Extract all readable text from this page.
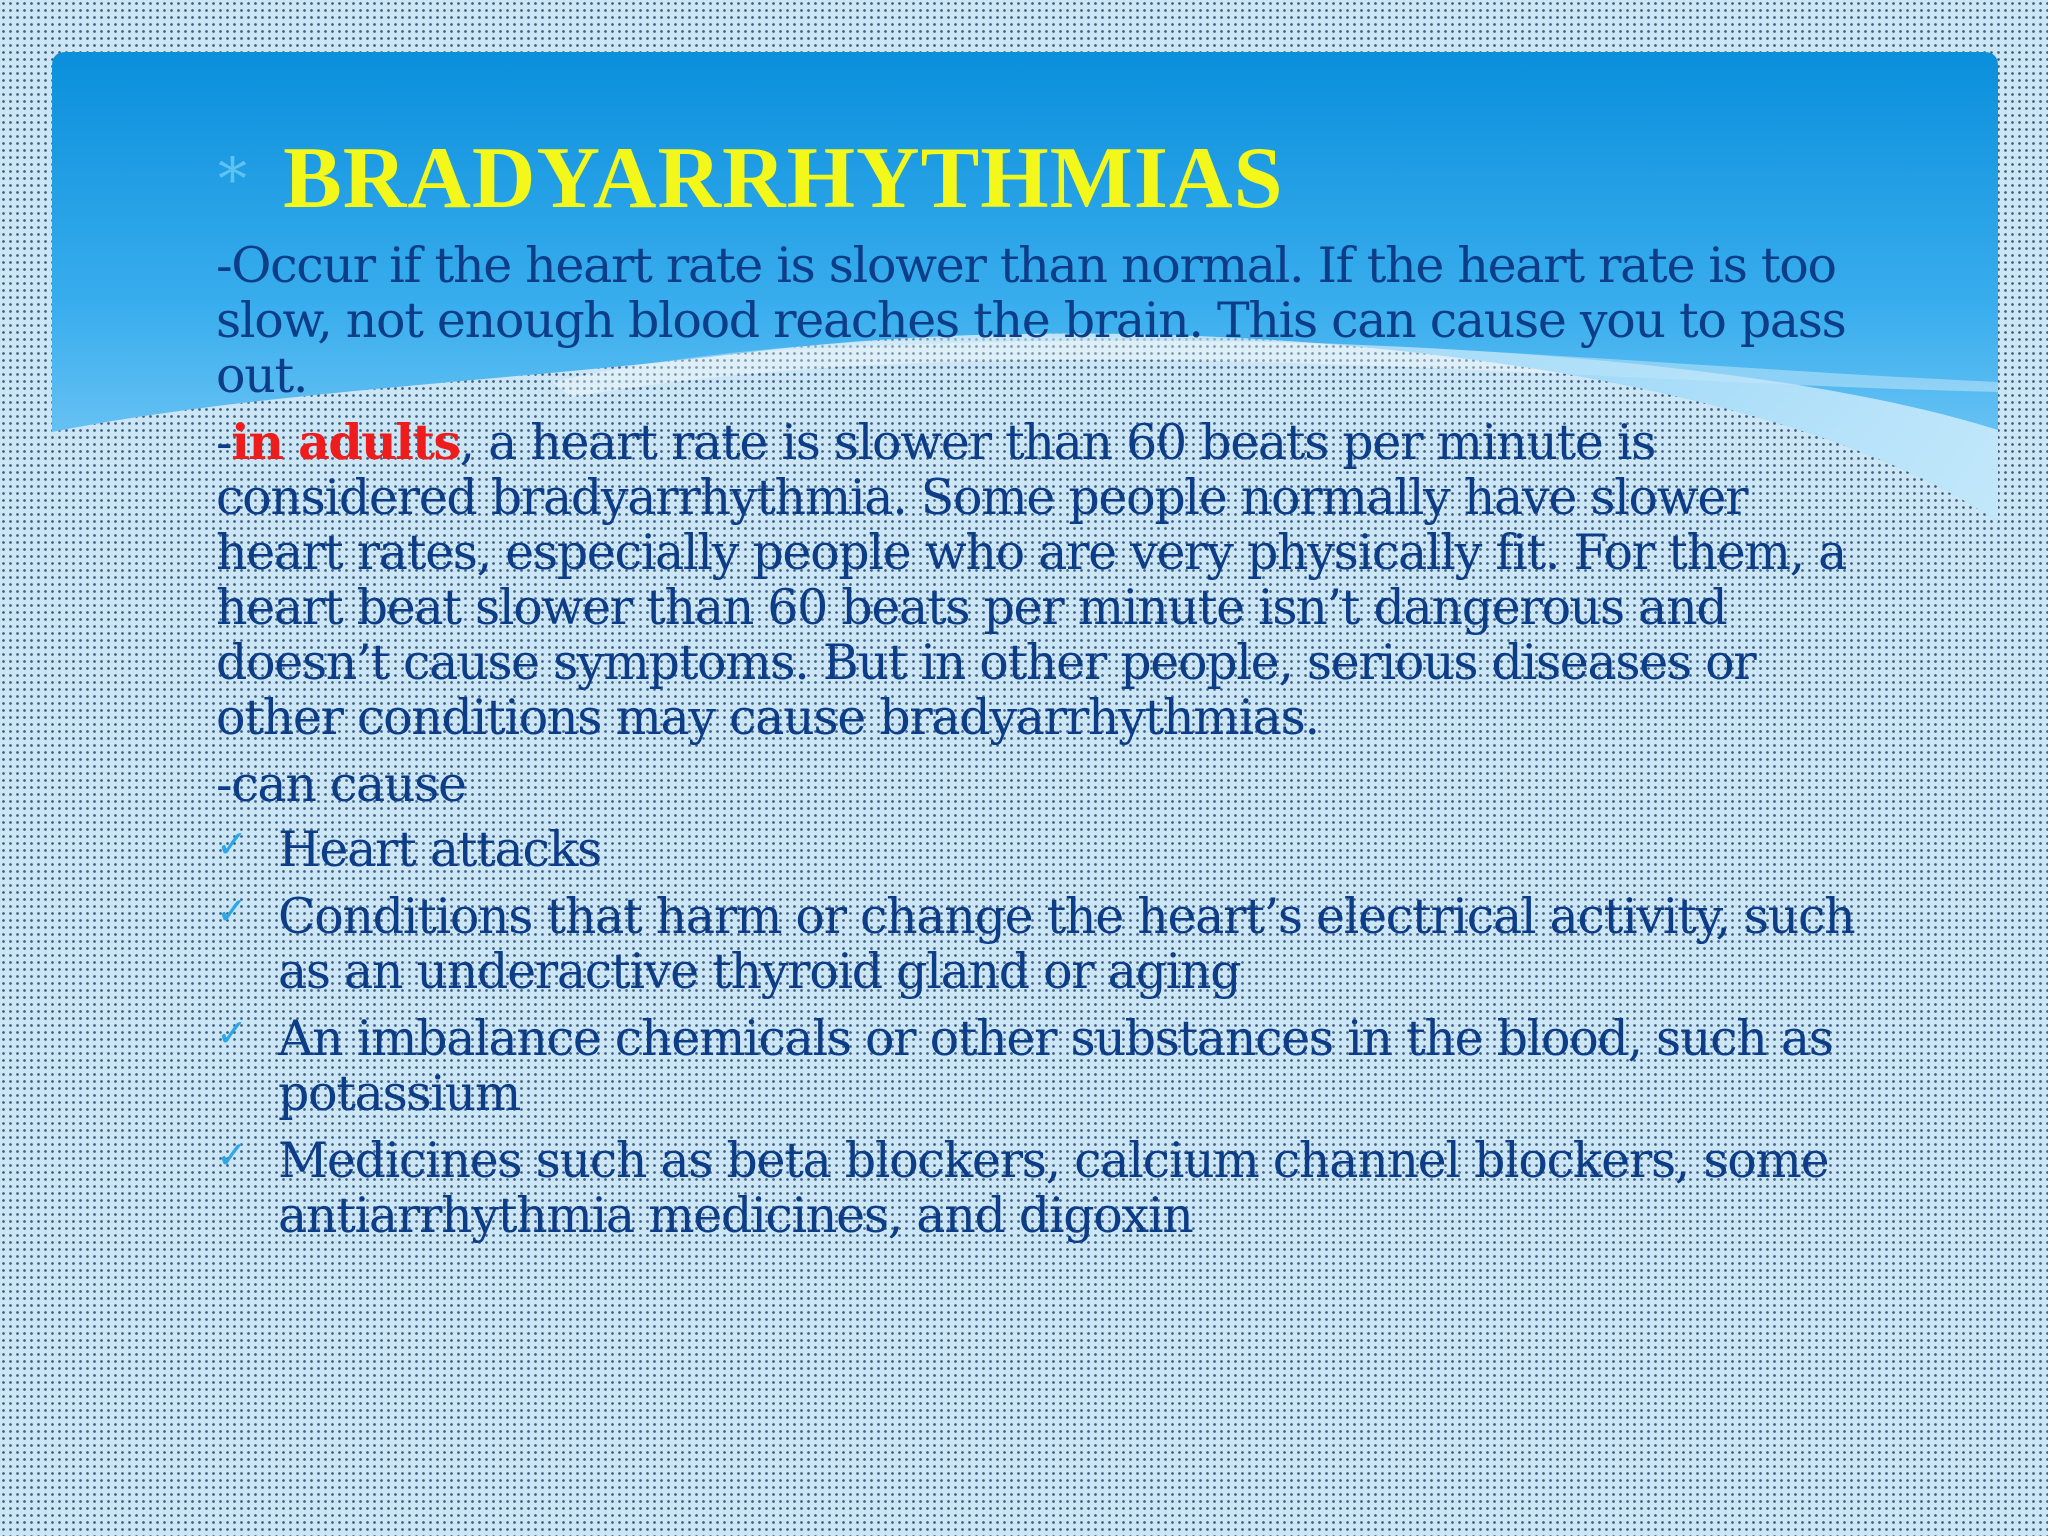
* BRADYARRHYTHMIAS

-Occur if the heart rate is slower than normal. If the heart rate is too slow, not enough blood reaches the brain. This can cause you to pass out.

-in adults, a heart rate is slower than 60 beats per minute is considered bradyarrhythmia. Some people normally have slower heart rates, especially people who are very physically fit. For them, a heart beat slower than 60 beats per minute isn’t dangerous and doesn’t cause symptoms. But in other people, serious diseases or other conditions may cause bradyarrhythmias.

-can cause

✓ Heart attacks
✓ Conditions that harm or change the heart’s electrical activity, such as an underactive thyroid gland or aging
✓ An imbalance chemicals or other substances in the blood, such as potassium
✓ Medicines such as beta blockers, calcium channel blockers, some antiarrhythmia medicines, and digoxin
